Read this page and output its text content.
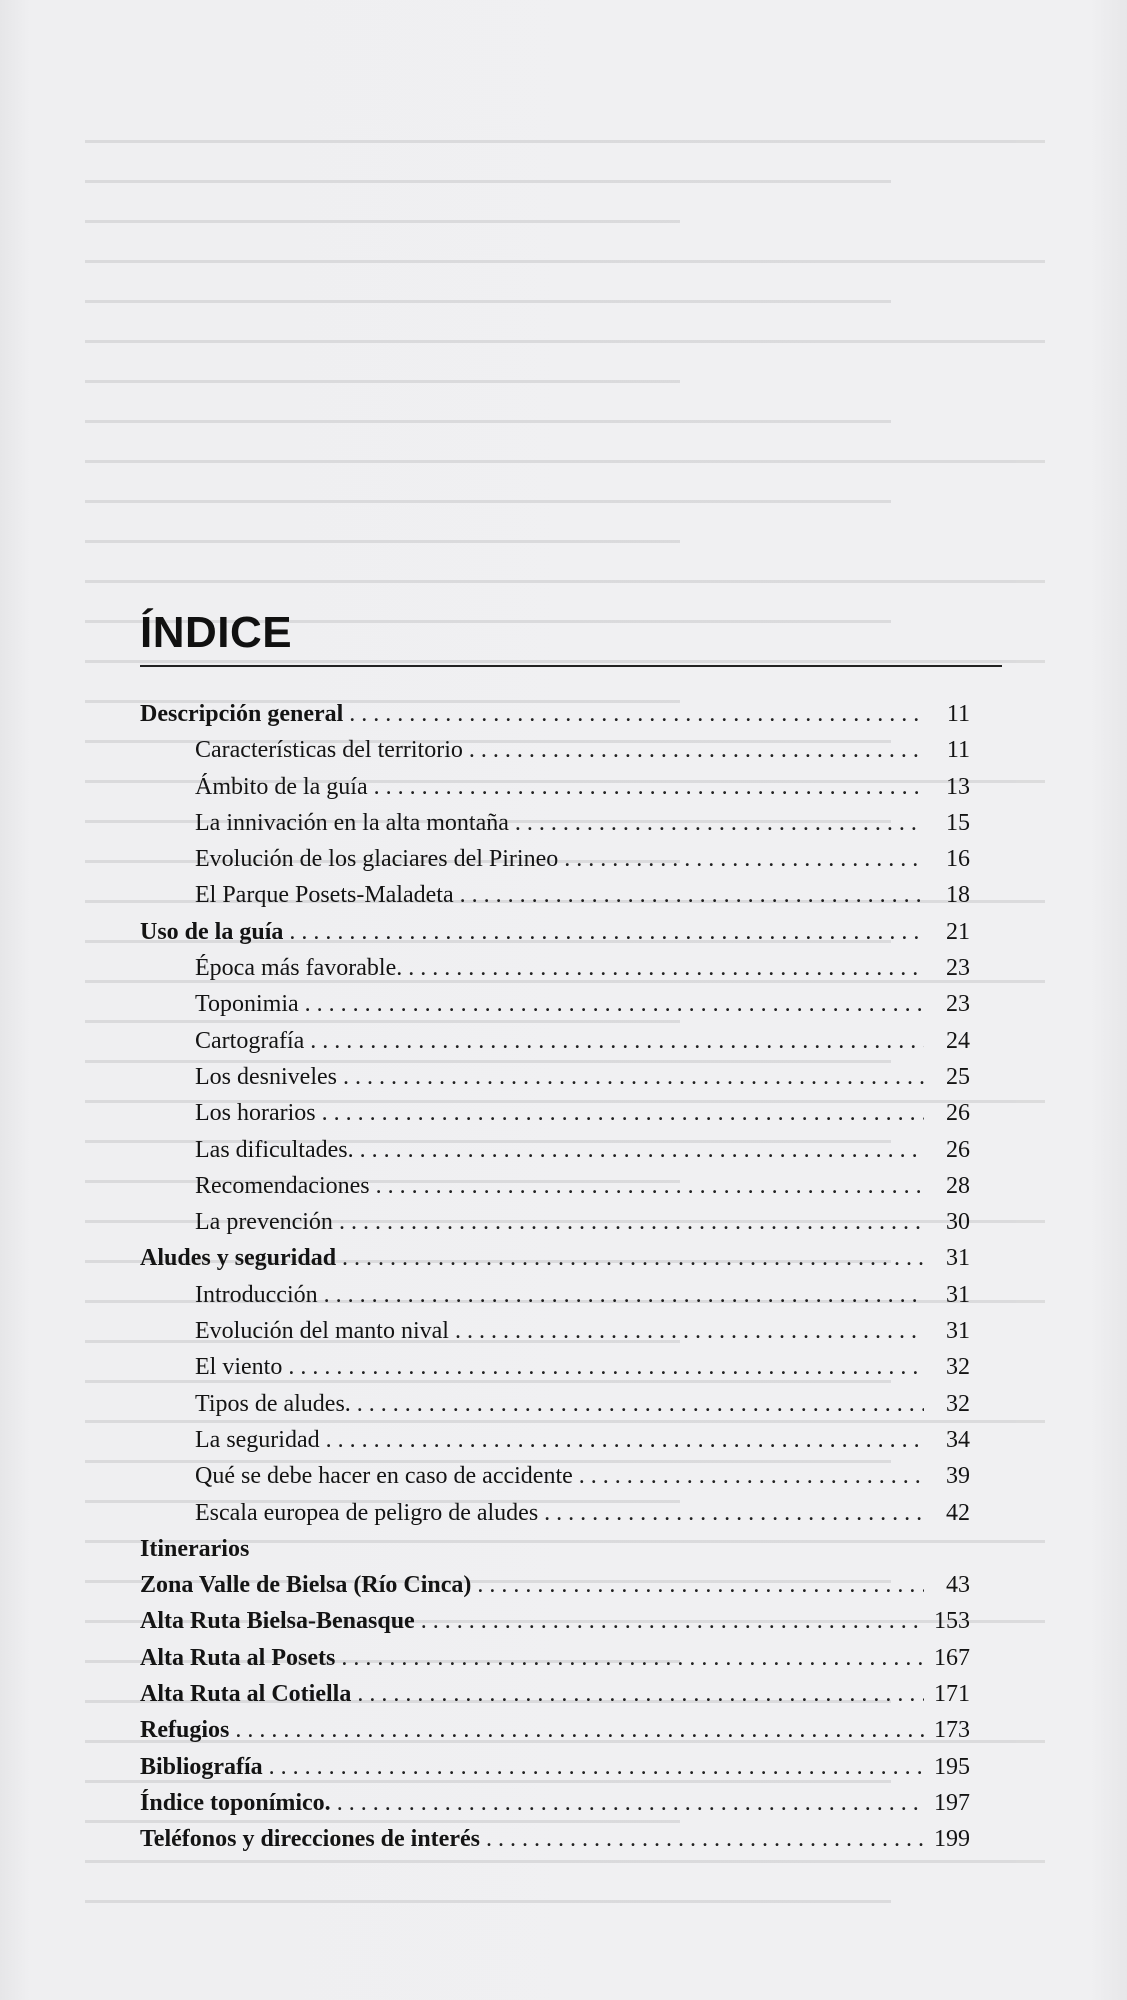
ÍNDICE
Descripción general . . .	11
Características del territorio . . .	11
Ámbito de la guía . . .	13
La innivación en la alta montaña . . .	15
Evolución de los glaciares del Pirineo . . .	16
El Parque Posets-Maladeta . . .	18
Uso de la guía . . .	21
Época más favorable. . . .	23
Toponimia . . .	23
Cartografía . . .	24
Los desniveles . . .	25
Los horarios . . .	26
Las dificultades. . . .	26
Recomendaciones . . .	28
La prevención . . .	30
Aludes y seguridad . . .	31
Introducción . . .	31
Evolución del manto nival . . .	31
El viento . . .	32
Tipos de aludes. . . .	32
La seguridad . . .	34
Qué se debe hacer en caso de accidente . . .	39
Escala europea de peligro de aludes . . .	42
Itinerarios
Zona Valle de Bielsa (Río Cinca) . . .	43
Alta Ruta Bielsa-Benasque . . .	153
Alta Ruta al Posets . . .	167
Alta Ruta al Cotiella . . .	171
Refugios . . .	173
Bibliografía . . .	195
Índice toponímico. . . .	197
Teléfonos y direcciones de interés . . .	199
